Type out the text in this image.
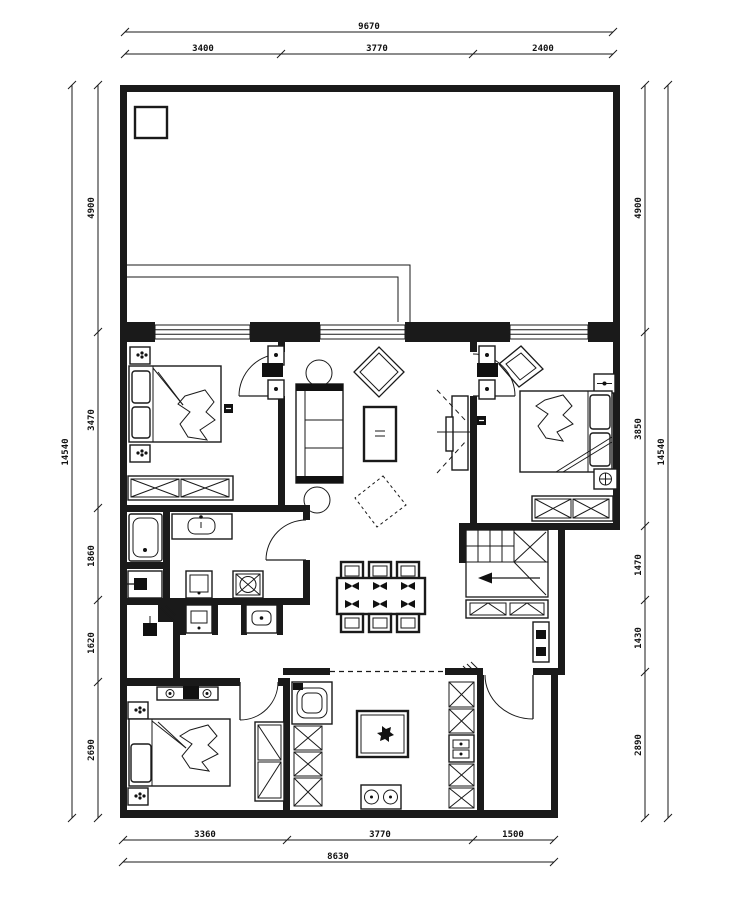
9670
3400	3770	2400
3360	3770	1500
8630
14540
4900
3470
1860
1620
2690
4900
3850
1470
1430
2890
14540
